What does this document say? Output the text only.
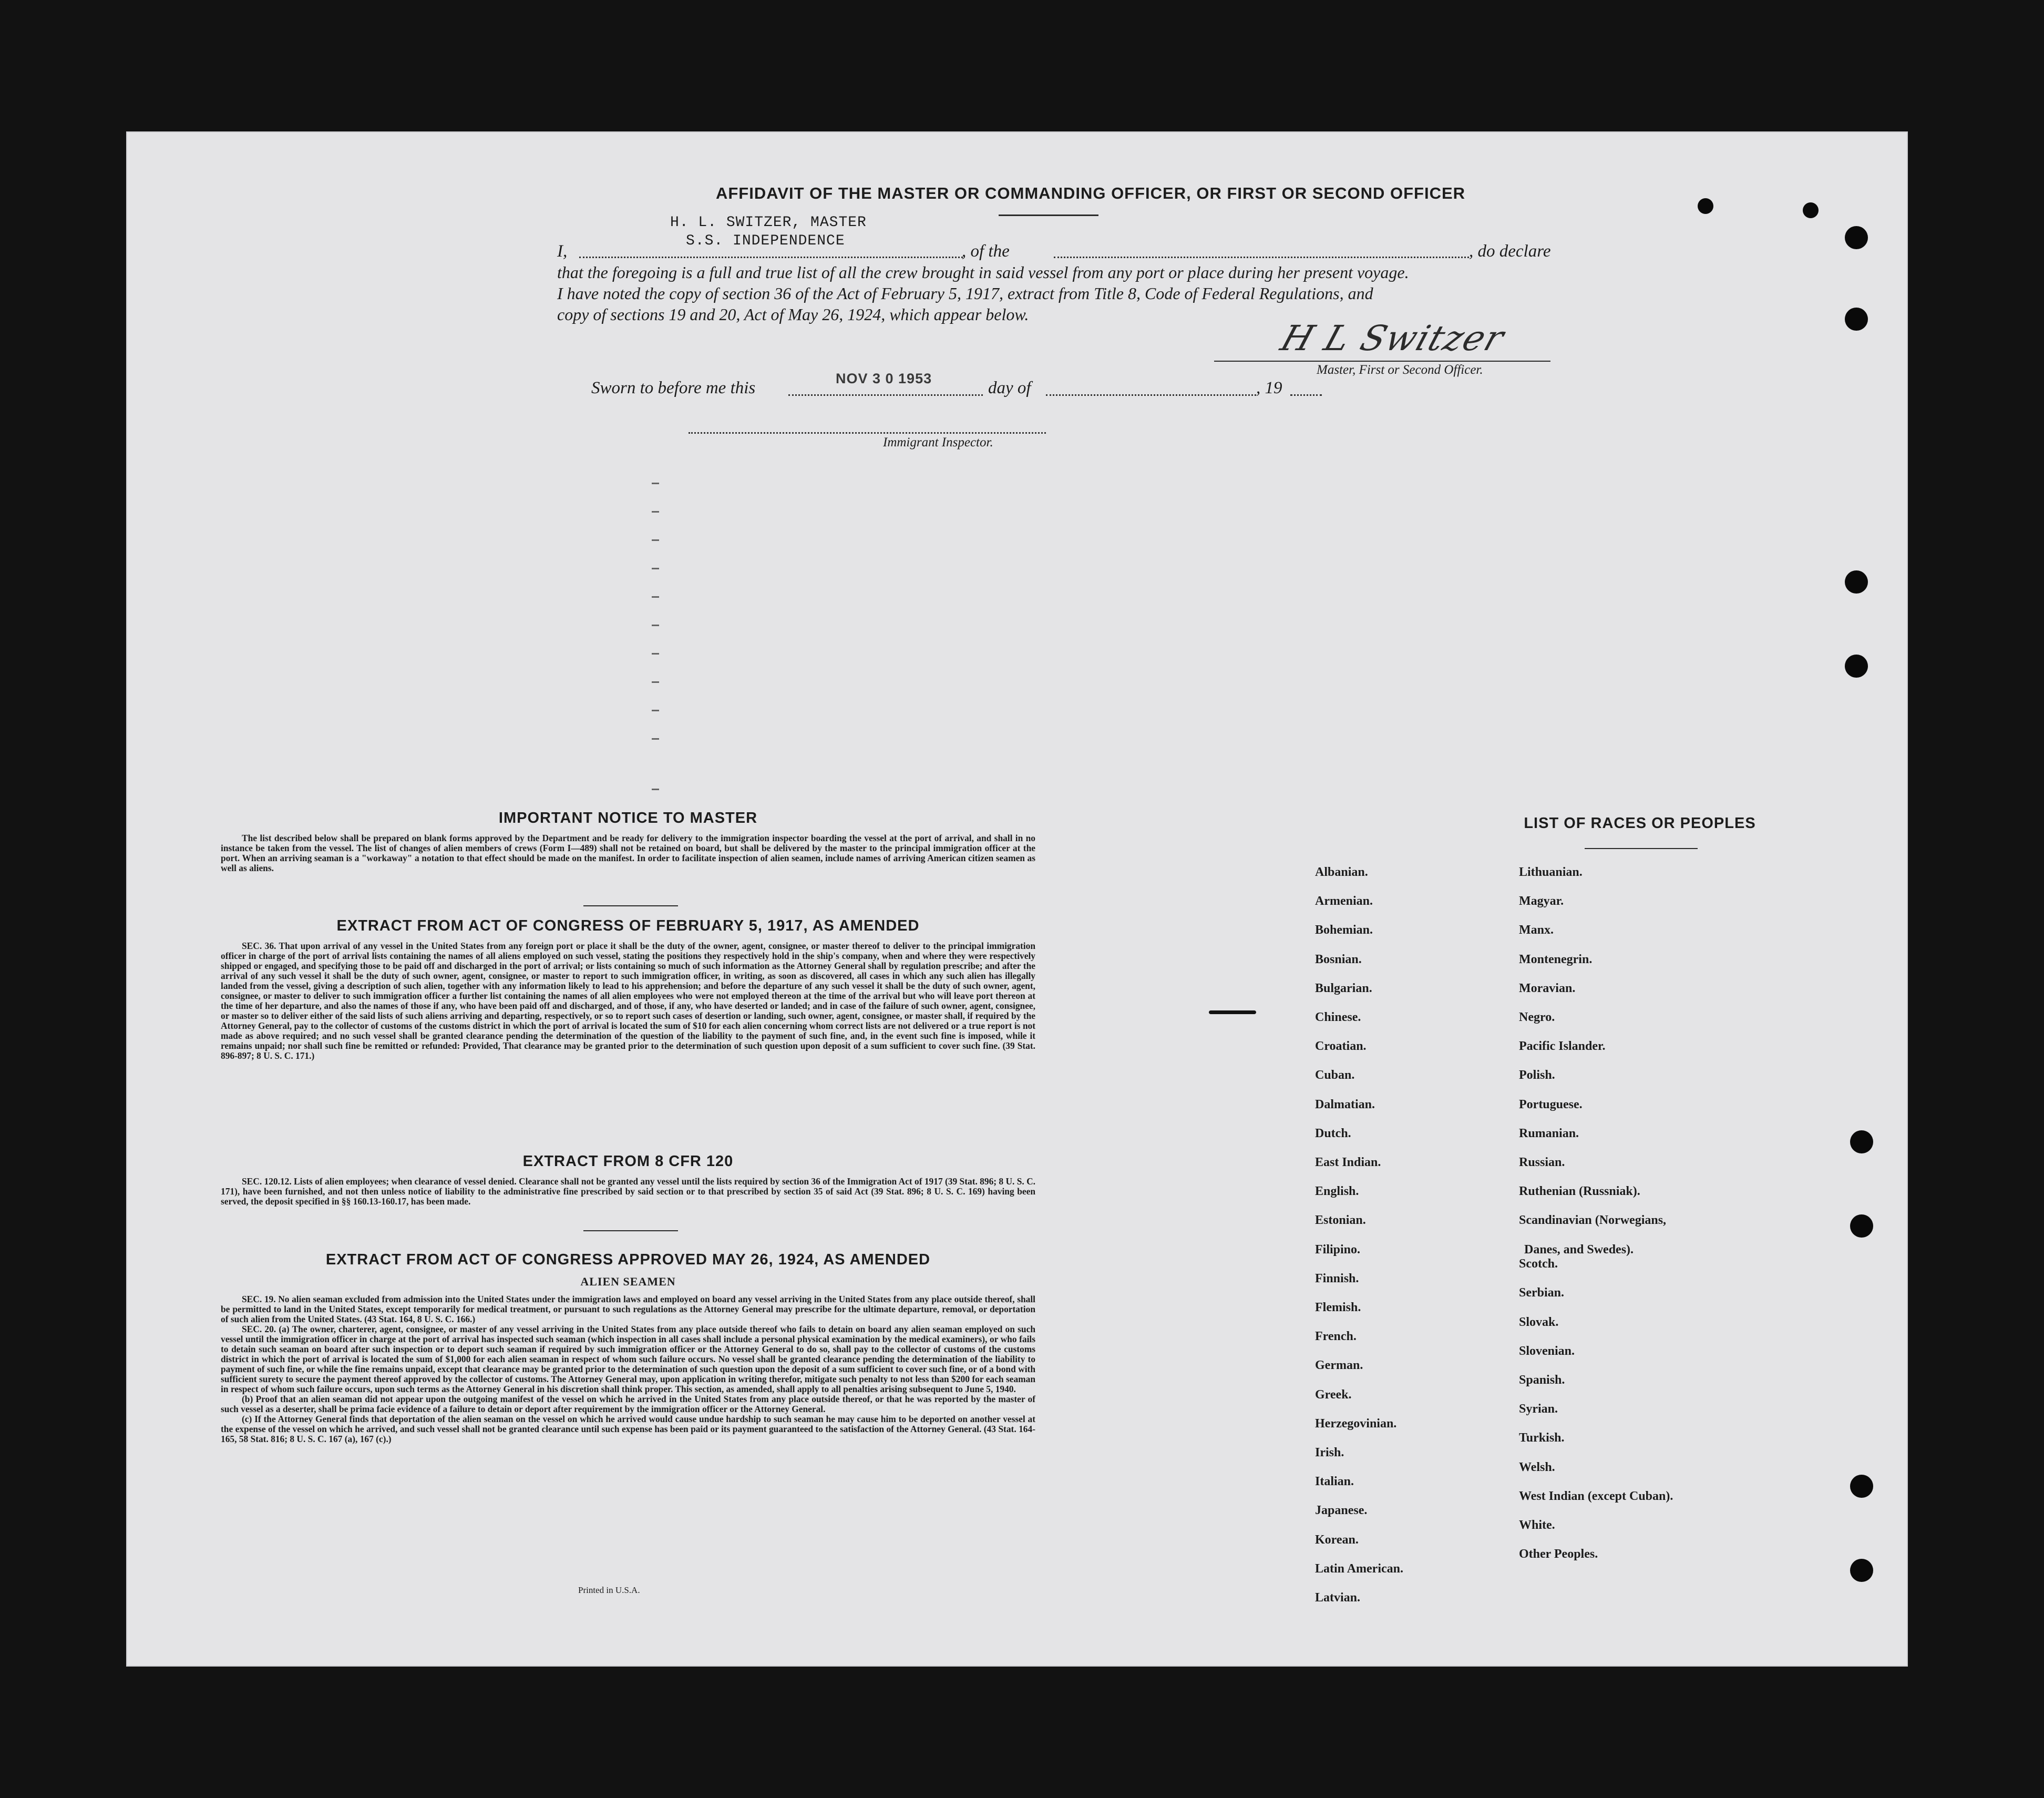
AFFIDAVIT OF THE MASTER OR COMMANDING OFFICER, OR FIRST OR SECOND OFFICER
H. L. SWITZER, MASTER
S.S. INDEPENDENCE
I,	, of the	, do declare
that the foregoing is a full and true list of all the crew brought in said vessel from any port or place during her present voyage.
I have noted the copy of section 36 of the Act of February 5, 1917, extract from Title 8, Code of Federal Regulations, and
copy of sections 19 and 20, Act of May 26, 1924, which appear below.
H L Switzer
Master, First or Second Officer.
Sworn to before me this	NOV 3 0 1953	day of	, 19
Immigrant Inspector.
IMPORTANT NOTICE TO MASTER

The list described below shall be prepared on blank forms approved by the Department and be ready for delivery to the immigration inspector boarding the vessel at the port of arrival, and shall in no instance be taken from the vessel. The list of changes of alien members of crews (Form I—489) shall not be retained on board, but shall be delivered by the master to the principal immigration officer at the port. When an arriving seaman is a "workaway" a notation to that effect should be made on the manifest. In order to facilitate inspection of alien seamen, include names of arriving American citizen seamen as well as aliens.

EXTRACT FROM ACT OF CONGRESS OF FEBRUARY 5, 1917, AS AMENDED

SEC. 36. That upon arrival of any vessel in the United States from any foreign port or place it shall be the duty of the owner, agent, consignee, or master thereof to deliver to the principal immigration officer in charge of the port of arrival lists containing the names of all aliens employed on such vessel, stating the positions they respectively hold in the ship's company, when and where they were respectively shipped or engaged, and specifying those to be paid off and discharged in the port of arrival; or lists containing so much of such information as the Attorney General shall by regulation prescribe; and after the arrival of any such vessel it shall be the duty of such owner, agent, consignee, or master to report to such immigration officer, in writing, as soon as discovered, all cases in which any such alien has illegally landed from the vessel, giving a description of such alien, together with any information likely to lead to his apprehension; and before the departure of any such vessel it shall be the duty of such owner, agent, consignee, or master to deliver to such immigration officer a further list containing the names of all alien employees who were not employed thereon at the time of the arrival but who will leave port thereon at the time of her departure, and also the names of those if any, who have been paid off and discharged, and of those, if any, who have deserted or landed; and in case of the failure of such owner, agent, consignee, or master so to deliver either of the said lists of such aliens arriving and departing, respectively, or so to report such cases of desertion or landing, such owner, agent, consignee, or master shall, if required by the Attorney General, pay to the collector of customs of the customs district in which the port of arrival is located the sum of $10 for each alien concerning whom correct lists are not delivered or a true report is not made as above required; and no such vessel shall be granted clearance pending the determination of the question of the liability to the payment of such fine, and, in the event such fine is imposed, while it remains unpaid; nor shall such fine be remitted or refunded: Provided, That clearance may be granted prior to the determination of such question upon deposit of a sum sufficient to cover such fine. (39 Stat. 896-897; 8 U. S. C. 171.)

EXTRACT FROM 8 CFR 120

SEC. 120.12. Lists of alien employees; when clearance of vessel denied. Clearance shall not be granted any vessel until the lists required by section 36 of the Immigration Act of 1917 (39 Stat. 896; 8 U. S. C. 171), have been furnished, and not then unless notice of liability to the administrative fine prescribed by said section or to that prescribed by section 35 of said Act (39 Stat. 896; 8 U. S. C. 169) having been served, the deposit specified in §§ 160.13-160.17, has been made.

EXTRACT FROM ACT OF CONGRESS APPROVED MAY 26, 1924, AS AMENDED
ALIEN SEAMEN

SEC. 19. No alien seaman excluded from admission into the United States under the immigration laws and employed on board any vessel arriving in the United States from any place outside thereof, shall be permitted to land in the United States, except temporarily for medical treatment, or pursuant to such regulations as the Attorney General may prescribe for the ultimate departure, removal, or deportation of such alien from the United States. (43 Stat. 164, 8 U. S. C. 166.)

SEC. 20. (a) The owner, charterer, agent, consignee, or master of any vessel arriving in the United States from any place outside thereof who fails to detain on board any alien seaman employed on such vessel until the immigration officer in charge at the port of arrival has inspected such seaman (which inspection in all cases shall include a personal physical examination by the medical examiners), or who fails to detain such seaman on board after such inspection or to deport such seaman if required by such immigration officer or the Attorney General to do so, shall pay to the collector of customs of the customs district in which the port of arrival is located the sum of $1,000 for each alien seaman in respect of whom such failure occurs. No vessel shall be granted clearance pending the determination of the liability to payment of such fine, or while the fine remains unpaid, except that clearance may be granted prior to the determination of such question upon the deposit of a sum sufficient to cover such fine, or of a bond with sufficient surety to secure the payment thereof approved by the collector of customs. The Attorney General may, upon application in writing therefor, mitigate such penalty to not less than $200 for each seaman in respect of whom such failure occurs, upon such terms as the Attorney General in his discretion shall think proper. This section, as amended, shall apply to all penalties arising subsequent to June 5, 1940.

(b) Proof that an alien seaman did not appear upon the outgoing manifest of the vessel on which he arrived in the United States from any place outside thereof, or that he was reported by the master of such vessel as a deserter, shall be prima facie evidence of a failure to detain or deport after requirement by the immigration officer or the Attorney General.

(c) If the Attorney General finds that deportation of the alien seaman on the vessel on which he arrived would cause undue hardship to such seaman he may cause him to be deported on another vessel at the expense of the vessel on which he arrived, and such vessel shall not be granted clearance until such expense has been paid or its payment guaranteed to the satisfaction of the Attorney General. (43 Stat. 164-165, 58 Stat. 816; 8 U. S. C. 167 (a), 167 (c).)

Printed in U.S.A.
LIST OF RACES OR PEOPLES
Albanian.
Armenian.
Bohemian.
Bosnian.
Bulgarian.
Chinese.
Croatian.
Cuban.
Dalmatian.
Dutch.
East Indian.
English.
Estonian.
Filipino.
Finnish.
Flemish.
French.
German.
Greek.
Herzegovinian.
Irish.
Italian.
Japanese.
Korean.
Latin American.
Latvian.
Lithuanian.
Magyar.
Manx.
Montenegrin.
Moravian.
Negro.
Pacific Islander.
Polish.
Portuguese.
Rumanian.
Russian.
Ruthenian (Russniak).
Scandinavian (Norwegians,
Danes, and Swedes).
Scotch.
Serbian.
Slovak.
Slovenian.
Spanish.
Syrian.
Turkish.
Welsh.
West Indian (except Cuban).
White.
Other Peoples.
